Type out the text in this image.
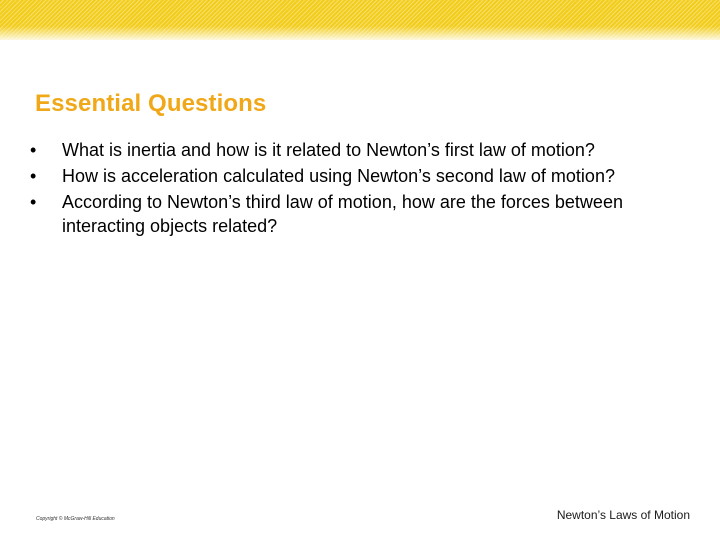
Essential Questions
•	What is inertia and how is it related to Newton’s first law of motion?
•	How is acceleration calculated using Newton’s second law of motion?
•	According to Newton’s third law of motion, how are the forces between interacting objects related?
Copyright © McGraw-Hill Education	Newton’s Laws of Motion
